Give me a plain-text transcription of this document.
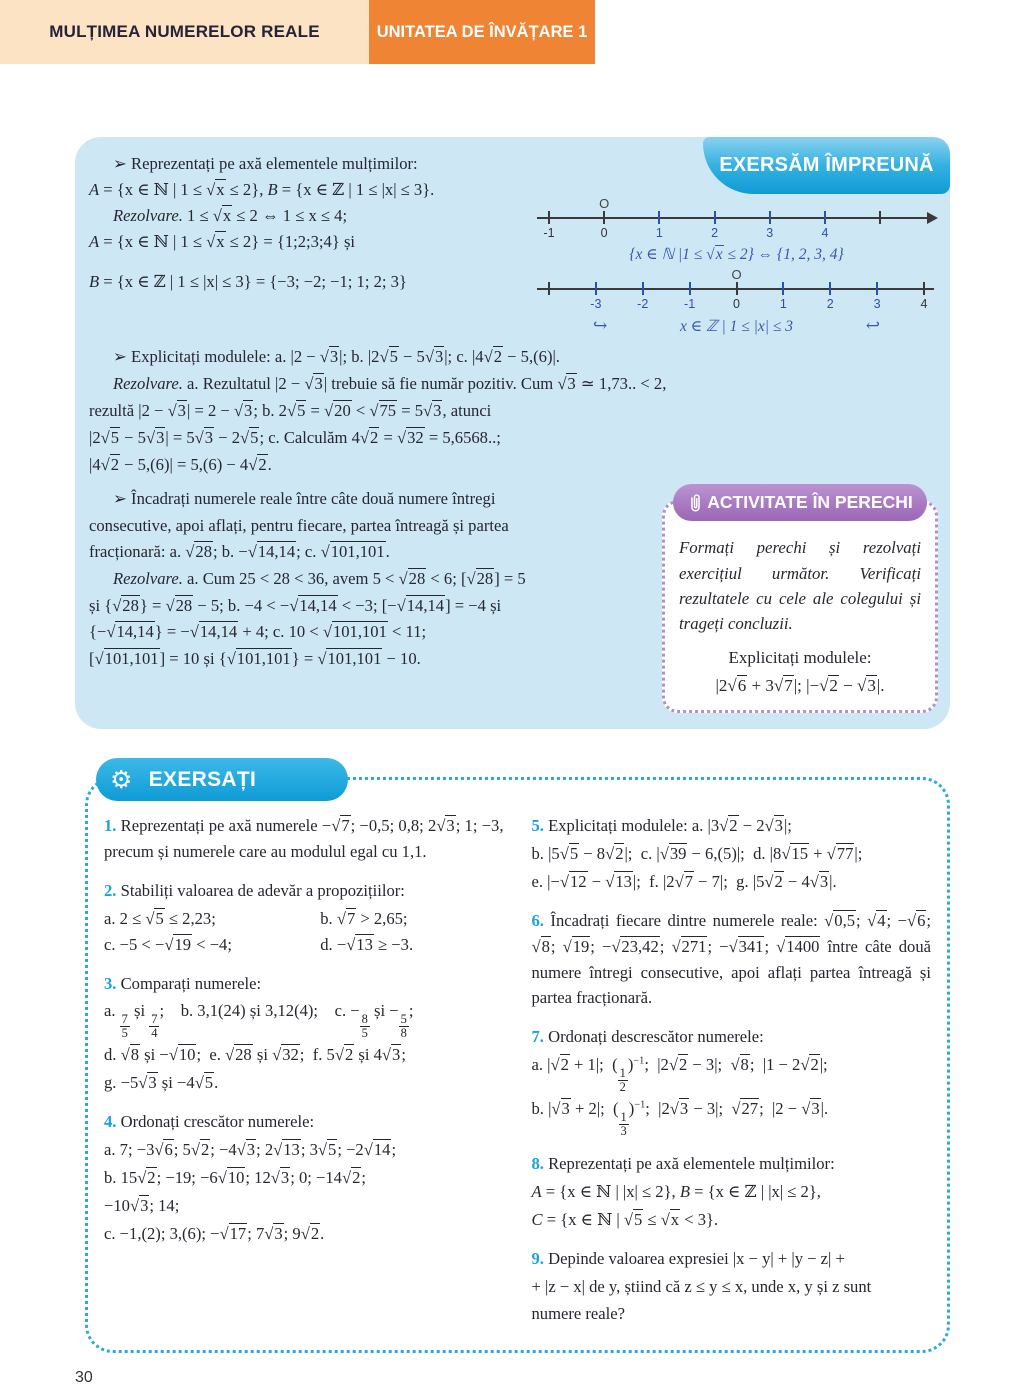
MULȚIMEA NUMERELOR REALE	UNITATEA DE ÎNVĂȚARE 1
EXERSĂM ÎMPREUNĂ
➢ Reprezentați pe axă elementele mulțimilor:
A = {x ∈ ℕ | 1 ≤ √x ≤ 2}, B = {x ∈ ℤ | 1 ≤ |x| ≤ 3}.
Rezolvare. 1 ≤ √x ≤ 2 ⇔ 1 ≤ x ≤ 4;
A = {x ∈ ℕ | 1 ≤ √x ≤ 2} = {1;2;3;4} și
B = {x ∈ ℤ | 1 ≤ |x| ≤ 3} = {−3; −2; −1; 1; 2; 3}
-1	0
O
1	2	3	4
{x ∈ ℕ |1 ≤ √x ≤ 2} ⇔ {1, 2, 3, 4}
-3	-2	-1	0
O
1	2	3	4
↪	x ∈ ℤ | 1 ≤ |x| ≤ 3	↩
➢ Explicitați modulele: a. |2 − √3|; b. |2√5 − 5√3|; c. |4√2 − 5,(6)|.
Rezolvare. a. Rezultatul |2 − √3| trebuie să fie număr pozitiv. Cum √3 ≃ 1,73.. < 2,
rezultă |2 − √3| = 2 − √3; b. 2√5 = √20 < √75 = 5√3, atunci
|2√5 − 5√3| = 5√3 − 2√5; c. Calculăm 4√2 = √32 = 5,6568..;
|4√2 − 5,(6)| = 5,(6) − 4√2.
➢ Încadrați numerele reale între câte două numere întregi
consecutive, apoi aflați, pentru fiecare, partea întreagă și partea
fracționară: a. √28; b. −√14,14; c. √101,101.
Rezolvare. a. Cum 25 < 28 < 36, avem 5 < √28 < 6; [√28] = 5
și {√28} = √28 − 5; b. −4 < −√14,14 < −3; [−√14,14] = −4 și
{−√14,14} = −√14,14 + 4; c. 10 < √101,101 < 11;
[√101,101] = 10 și {√101,101} = √101,101 − 10.
ACTIVITATE ÎN PERECHI

Formați perechi și rezolvați exercițiul următor. Verificați rezultatele cu cele ale colegului și trageți concluzii.

Explicitați modulele:

|2√6 + 3√7|; |−√2 − √3|.

⚙ EXERSAȚI

1. Reprezentați pe axă numerele −√7; −0,5; 0,8; 2√3; 1; −3, precum și numerele care au modulul egal cu 1,1.

2. Stabiliți valoarea de adevăr a propozițiilor:

a. 2 ≤ √5 ≤ 2,23;	b. √7 > 2,65;
c. −5 < −√19 < −4;	d. −√13 ≥ −3.

3. Comparați numerele:

a.
$\frac{7}{5}$
și
$\frac{7}{4}$
; b. 3,1(24) și 3,12(4); c. −
$\frac{8}{5}$
și −
$\frac{5}{8}$
;

d. √8 și −√10; e. √28 și √32; f. 5√2 și 4√3;

g. −5√3 și −4√5.

4. Ordonați crescător numerele:

a. 7; −3√6; 5√2; −4√3; 2√13; 3√5; −2√14;

b. 15√2; −19; −6√10; 12√3; 0; −14√2;

−10√3; 14;

c. −1,(2); 3,(6); −√17; 7√3; 9√2.

5. Explicitați modulele: a. |3√2 − 2√3|;

b. |5√5 − 8√2|; c. |√39 − 6,(5)|; d. |8√15 + √77|;

e. |−√12 − √13|; f. |2√7 − 7|; g. |5√2 − 4√3|.

6. Încadrați fiecare dintre numerele reale: √0,5; √4; −√6; √8; √19; −√23,42; √271; −√341; √1400 între câte două numere întregi consecutive, apoi aflați partea întreagă și partea fracționară.

7. Ordonați descrescător numerele:

a. |√2 + 1|; (
$\frac{1}{2}$
)$^{-1}$; |2√2 − 3|; √8; |1 − 2√2|;

b. |√3 + 2|; (
$\frac{1}{3}$
)$^{-1}$; |2√3 − 3|; √27; |2 − √3|.

8. Reprezentați pe axă elementele mulțimilor:

A = {x ∈ ℕ | |x| ≤ 2}, B = {x ∈ ℤ | |x| ≤ 2},

C = {x ∈ ℕ | √5 ≤ √x < 3}.

9. Depinde valoarea expresiei |x − y| + |y − z| +

+ |z − x| de y, știind că z ≤ y ≤ x, unde x, y și z sunt

numere reale?

30
